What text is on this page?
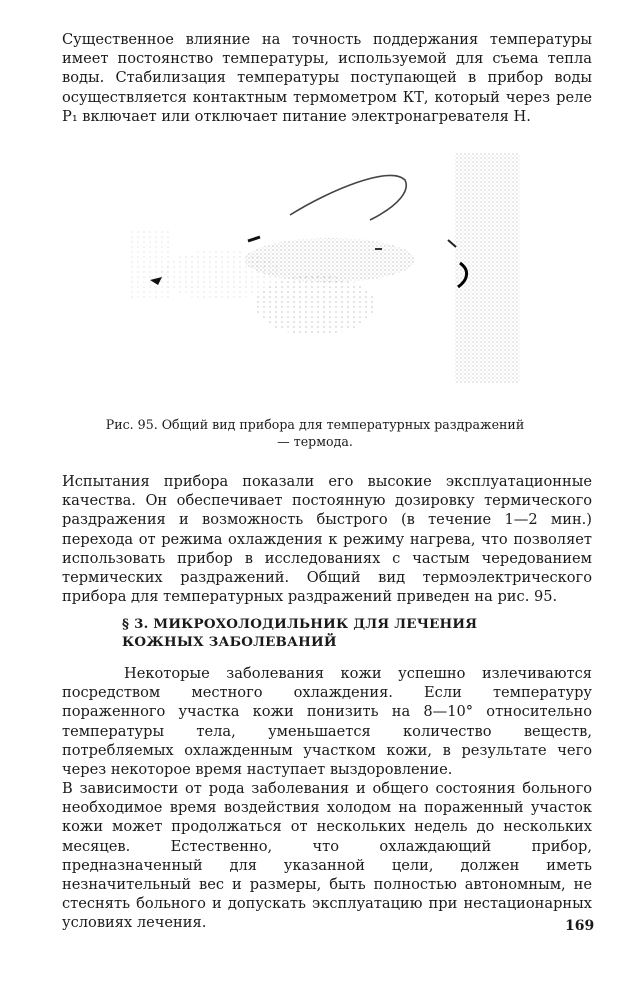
Существенное влияние на точность поддержания температуры имеет постоянство температуры, используемой для съема тепла воды. Стабилизация температуры поступающей в прибор воды осуществляется контактным термометром КТ, который через реле Р₁ включает или отключает питание электронагревателя Н.

Рис. 95. Общий вид прибора для температурных раздражений — термода.

Испытания прибора показали его высокие эксплуатационные качества. Он обеспечивает постоянную дозировку термического раздражения и возможность быстрого (в течение 1—2 мин.) перехода от режима охлаждения к режиму нагрева, что позволяет использовать прибор в исследованиях с частым чередованием термических раздражений. Общий вид термоэлектрического прибора для температурных раздражений приведен на рис. 95.

§ 3. МИКРОХОЛОДИЛЬНИК ДЛЯ ЛЕЧЕНИЯ КОЖНЫХ ЗАБОЛЕВАНИЙ

Некоторые заболевания кожи успешно излечиваются посредством местного охлаждения. Если температуру пораженного участка кожи понизить на 8—10° относительно температуры тела, уменьшается количество веществ, потребляемых охлажденным участком кожи, в результате чего через некоторое время наступает выздоровление.

В зависимости от рода заболевания и общего состояния больного необходимое время воздействия холодом на пораженный участок кожи может продолжаться от нескольких недель до нескольких месяцев. Естественно, что охлаждающий прибор, предназначенный для указанной цели, должен иметь незначительный вес и размеры, быть полностью автономным, не стеснять больного и допускать эксплуатацию при нестационарных условиях лечения.	169
